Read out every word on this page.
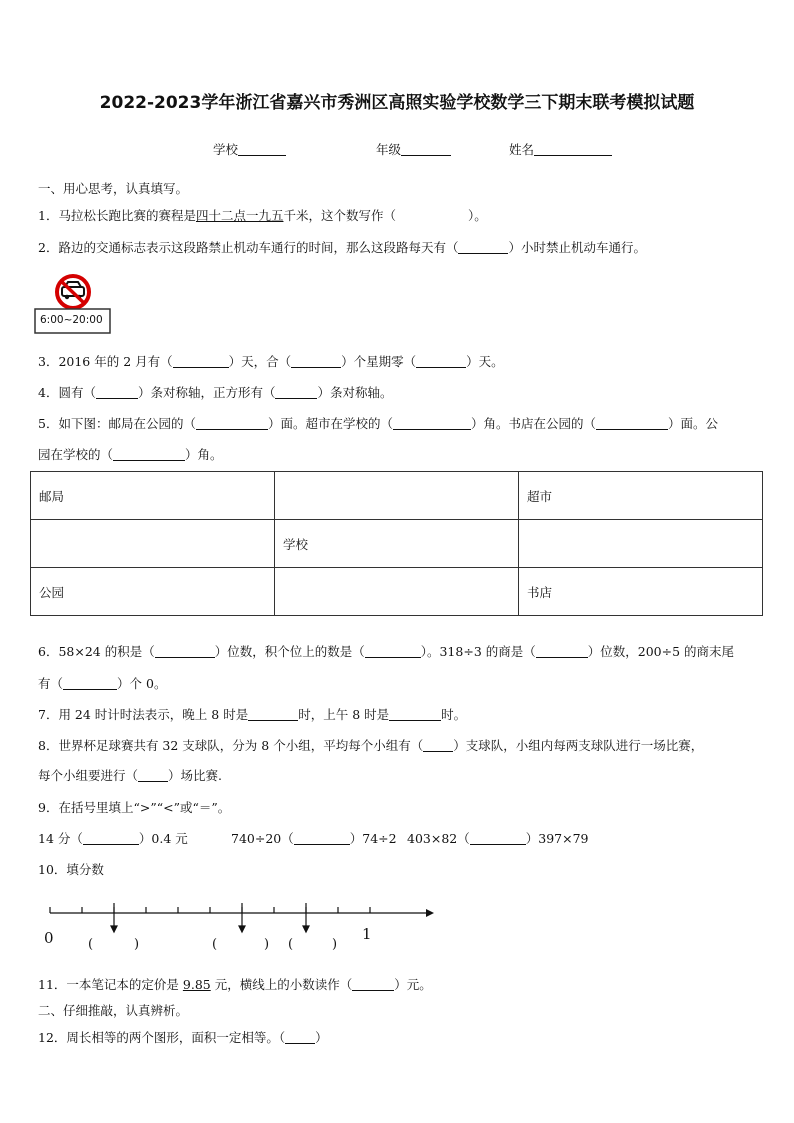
2022-2023学年浙江省嘉兴市秀洲区高照实验学校数学三下期末联考模拟试题
学校	年级	姓名
一、用心思考，认真填写。
1．马拉松长跑比赛的赛程是四十二点一九五千米，这个数写作（	）。
2．路边的交通标志表示这段路禁止机动车通行的时间，那么这段路每天有（	）小时禁止机动车通行。
6:00~20:00
3．2016 年的 2 月有（	）天，合（	）个星期零（	）天。
4．圆有（	）条对称轴，正方形有（	）条对称轴。
5．如下图：邮局在公园的（	）面。超市在学校的（	）角。书店在公园的（	）面。公
园在学校的（	）角。
邮局		超市
	学校	
公园		书店
6．58×24 的积是（	）位数，积个位上的数是（	）。318÷3 的商是（	）位数，200÷5 的商末尾
有（	）个 0。
7．用 24 时计时法表示，晚上 8 时是	时，上午 8 时是	时。
8．世界杯足球赛共有 32 支球队，分为 8 个小组，平均每个小组有（ ）支球队，小组内每两支球队进行一场比赛，
每个小组要进行（ ）场比赛.
9．在括号里填上“>”“<”或“＝”。
14 分（	）0.4 元	740÷20（	）74÷2 403×82（	）397×79
10．填分数
0	1
(	)	(	) (	)
11．一本笔记本的定价是 9.85 元，横线上的小数读作（	）元。
二、仔细推敲，认真辨析。
12．周长相等的两个图形，面积一定相等。（ ）
